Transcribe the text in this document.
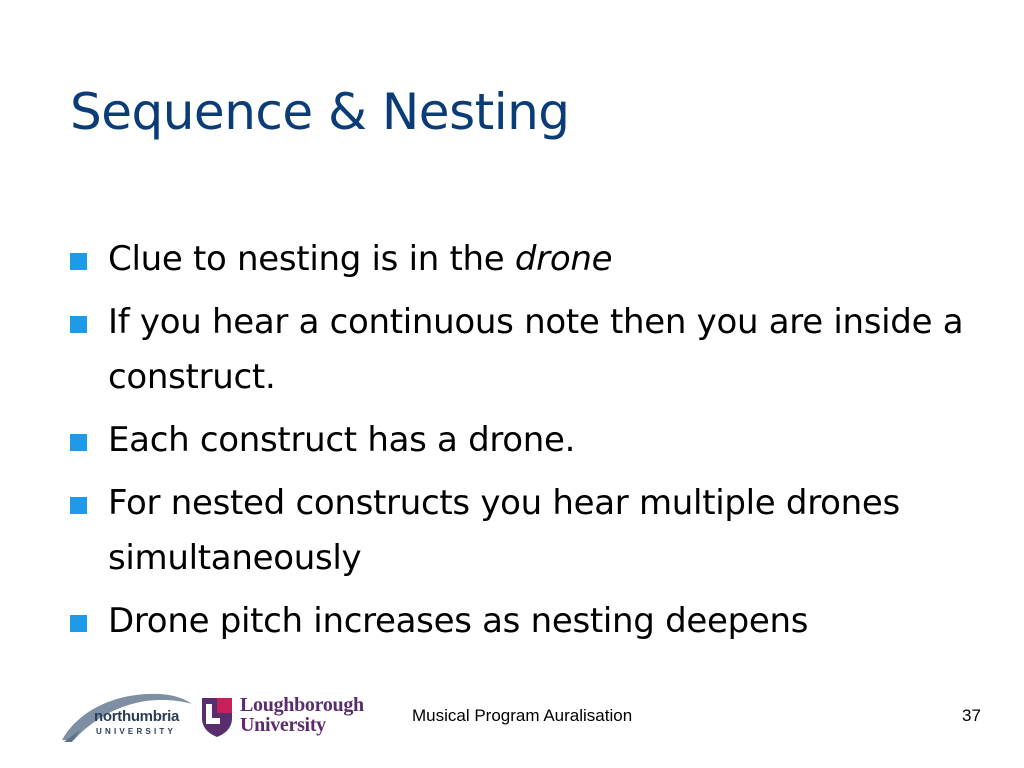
Sequence & Nesting
Clue to nesting is in the drone
If you hear a continuous note then you are inside a construct.
Each construct has a drone.
For nested constructs you hear multiple drones simultaneously
Drone pitch increases as nesting deepens
northumbria
UNIVERSITY
Loughborough
University	Musical Program Auralisation	37
